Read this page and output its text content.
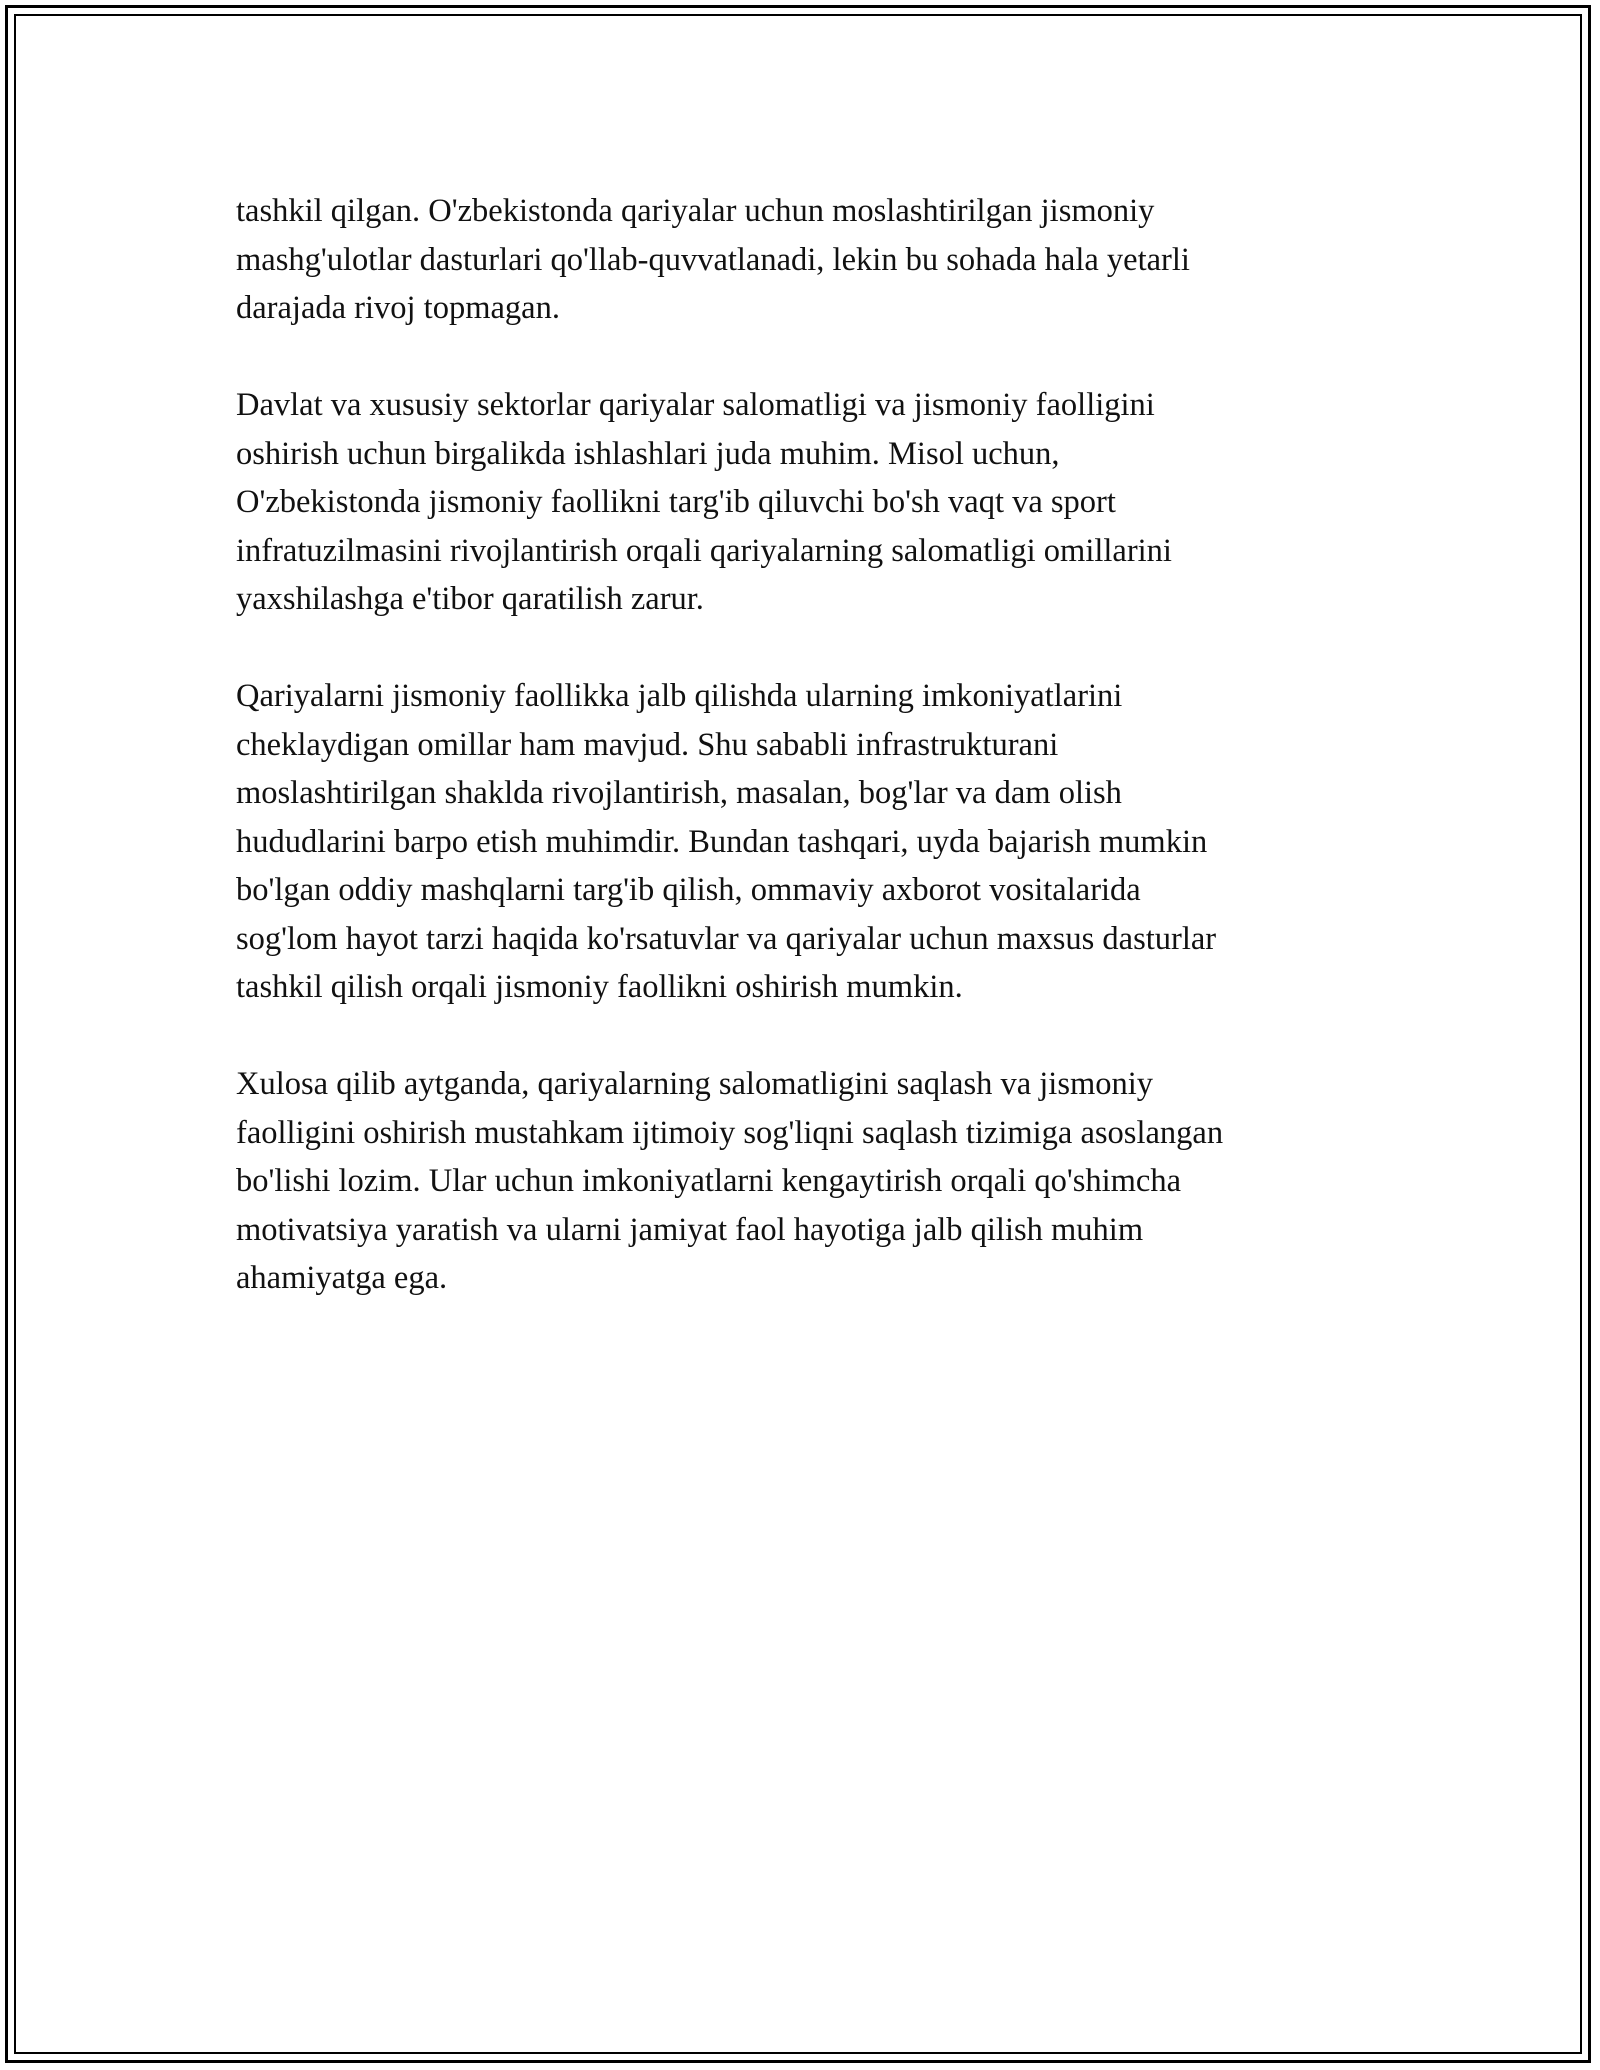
tashkil qilgan. O'zbekistonda qariyalar uchun moslashtirilgan jismoniy
mashg'ulotlar dasturlari qo'llab-quvvatlanadi, lekin bu sohada hala yetarli
darajada rivoj topmagan.

Davlat va xususiy sektorlar qariyalar salomatligi va jismoniy faolligini
oshirish uchun birgalikda ishlashlari juda muhim. Misol uchun,
O'zbekistonda jismoniy faollikni targ'ib qiluvchi bo'sh vaqt va sport
infratuzilmasini rivojlantirish orqali qariyalarning salomatligi omillarini
yaxshilashga e'tibor qaratilish zarur.

Qariyalarni jismoniy faollikka jalb qilishda ularning imkoniyatlarini
cheklaydigan omillar ham mavjud. Shu sababli infrastrukturani
moslashtirilgan shaklda rivojlantirish, masalan, bog'lar va dam olish
hududlarini barpo etish muhimdir. Bundan tashqari, uyda bajarish mumkin
bo'lgan oddiy mashqlarni targ'ib qilish, ommaviy axborot vositalarida
sog'lom hayot tarzi haqida ko'rsatuvlar va qariyalar uchun maxsus dasturlar
tashkil qilish orqali jismoniy faollikni oshirish mumkin.

Xulosa qilib aytganda, qariyalarning salomatligini saqlash va jismoniy
faolligini oshirish mustahkam ijtimoiy sog'liqni saqlash tizimiga asoslangan
bo'lishi lozim. Ular uchun imkoniyatlarni kengaytirish orqali qo'shimcha
motivatsiya yaratish va ularni jamiyat faol hayotiga jalb qilish muhim
ahamiyatga ega.
